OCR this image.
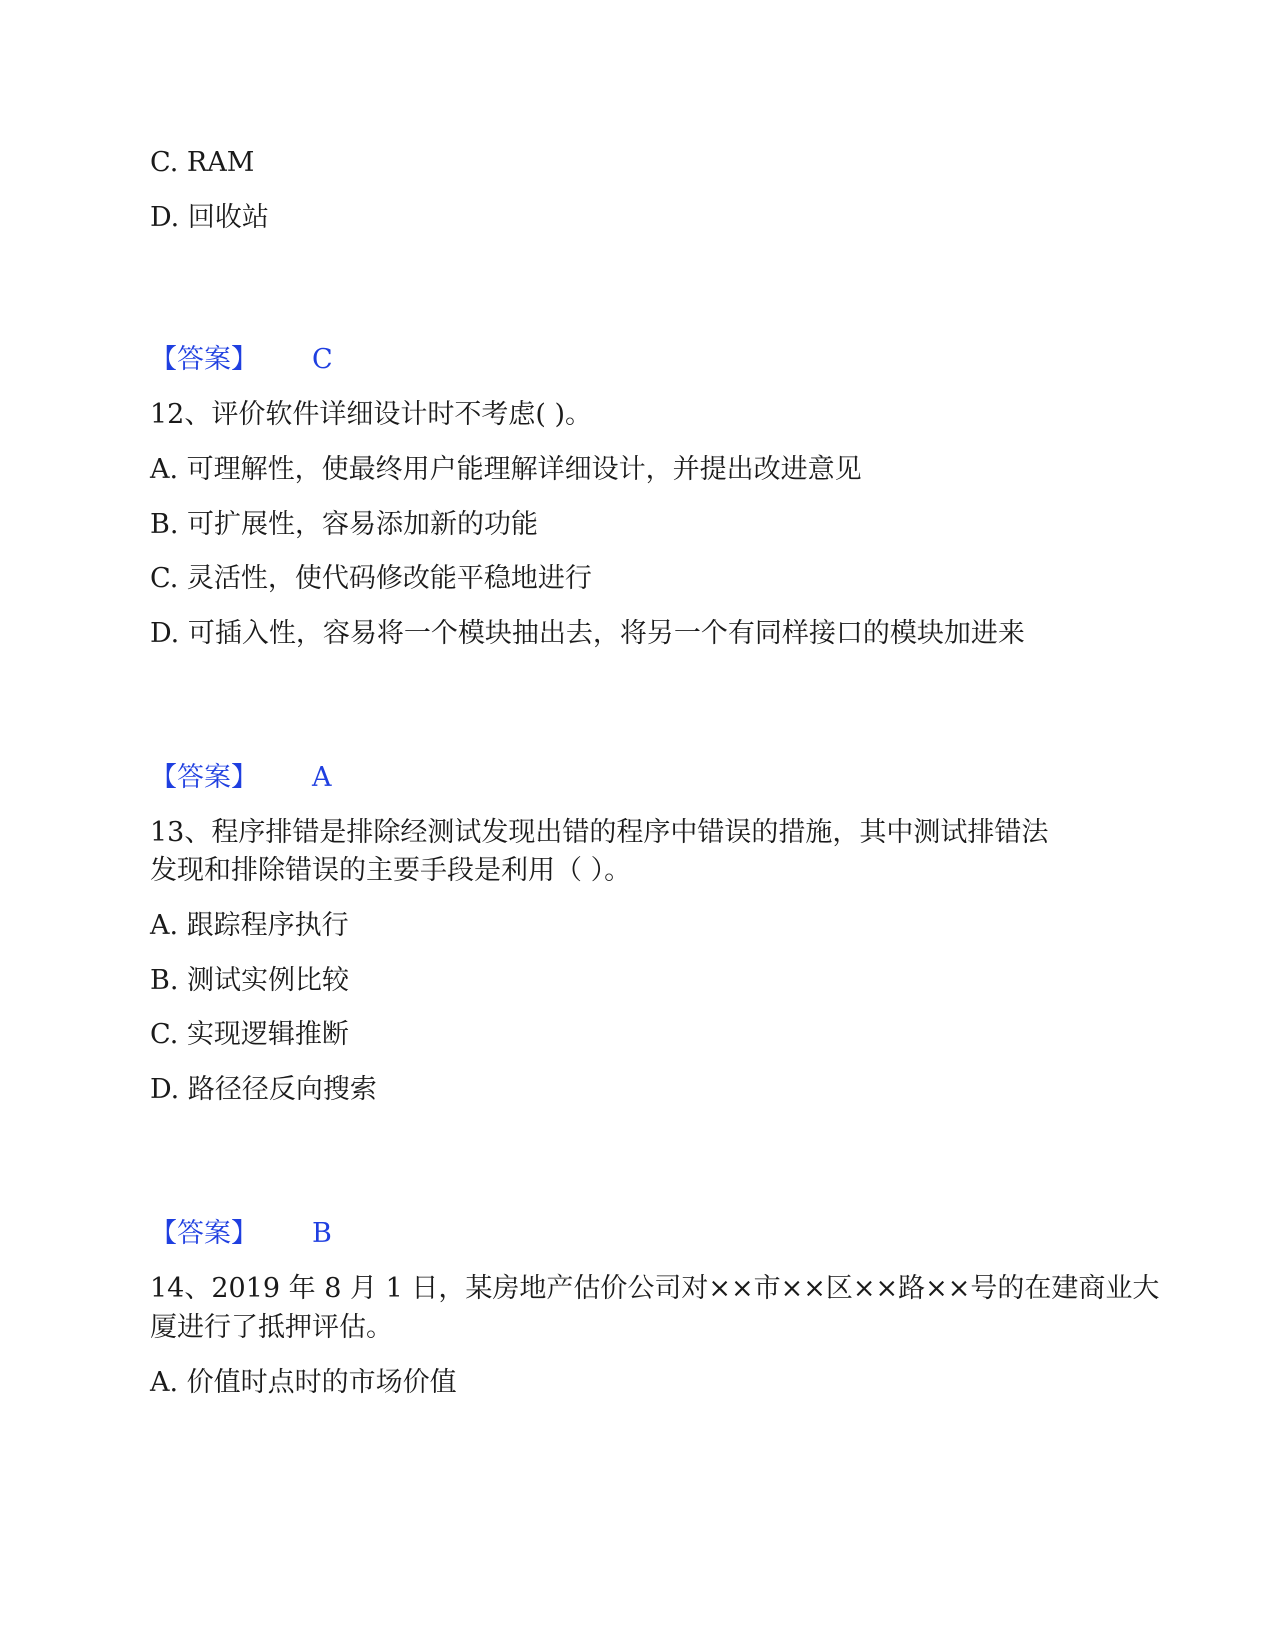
C. RAM
D. 回收站
【答案】 C
12、评价软件详细设计时不考虑( )。
A. 可理解性，使最终用户能理解详细设计，并提出改进意见
B. 可扩展性，容易添加新的功能
C. 灵活性，使代码修改能平稳地进行
D. 可插入性，容易将一个模块抽出去，将另一个有同样接口的模块加进来
【答案】 A
13、程序排错是排除经测试发现出错的程序中错误的措施，其中测试排错法
发现和排除错误的主要手段是利用（ ）。
A. 跟踪程序执行
B. 测试实例比较
C. 实现逻辑推断
D. 路径径反向搜索
【答案】 B
14、2019 年 8 月 1 日，某房地产估价公司对××市××区××路××号的在建商业大
厦进行了抵押评估。
A. 价值时点时的市场价值
